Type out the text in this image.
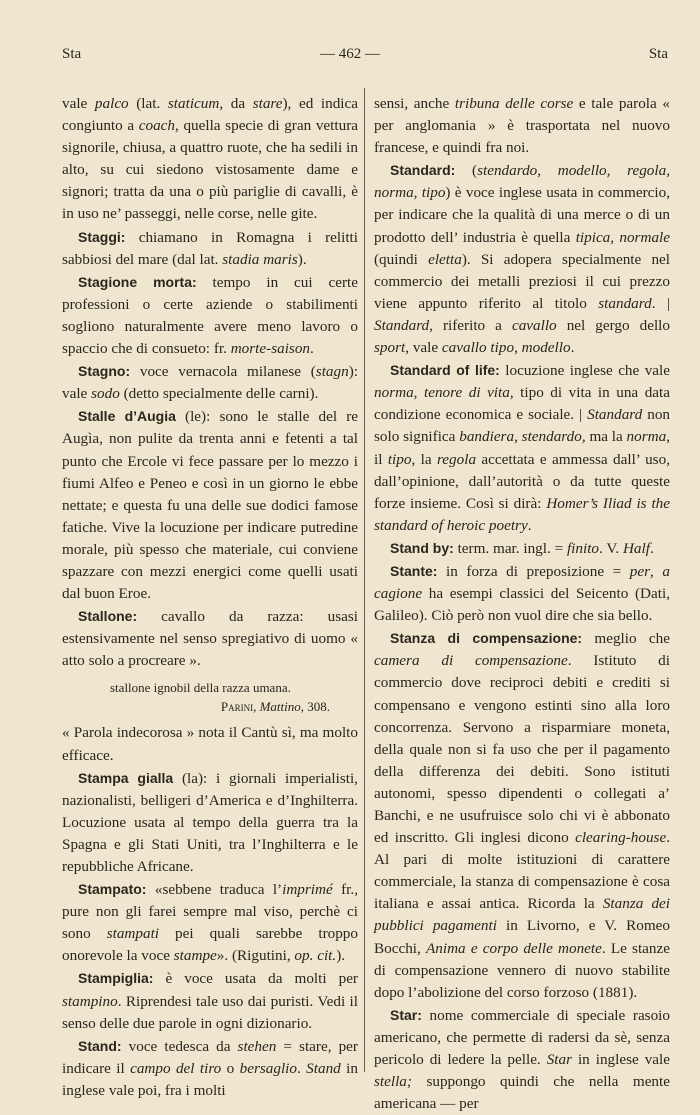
Sta	— 462 —	Sta

vale palco (lat. staticum, da stare), ed indica congiunto a coach, quella specie di gran vettura signorile, chiusa, a quattro ruote, che ha sedili in alto, su cui siedono vistosamente dame e signori; tratta da una o più pariglie di cavalli, è in uso ne’ passeggi, nelle corse, nelle gite.

Staggi: chiamano in Romagna i relitti sabbiosi del mare (dal lat. stadia maris).

Stagione morta: tempo in cui certe professioni o certe aziende o stabilimenti sogliono naturalmente avere meno lavoro o spaccio che di consueto: fr. morte-saison.

Stagno: voce vernacola milanese (stagn): vale sodo (detto specialmente delle carni).

Stalle d’Augia (le): sono le stalle del re Augìa, non pulite da trenta anni e fetenti a tal punto che Ercole vi fece passare per lo mezzo i fiumi Alfeo e Peneo e così in un giorno le ebbe nettate; e questa fu una delle sue dodici famose fatiche. Vive la locuzione per indicare putredine morale, più spesso che materiale, cui conviene spazzare con mezzi energici come quelli usati dal buon Eroe.

Stallone: cavallo da razza: usasi estensivamente nel senso spregiativo di uomo « atto solo a procreare ».

stallone ignobil della razza umana.

Parini, Mattino, 308.

« Parola indecorosa » nota il Cantù sì, ma molto efficace.

Stampa gialla (la): i giornali imperialisti, nazionalisti, belligeri d’America e d’Inghilterra. Locuzione usata al tempo della guerra tra la Spagna e gli Stati Uniti, tra l’Inghilterra e le repubbliche Africane.

Stampato: «sebbene traduca l’imprimé fr., pure non gli farei sempre mal viso, perchè ci sono stampati pei quali sarebbe troppo onorevole la voce stampe». (Rigutini, op. cit.).

Stampiglia: è voce usata da molti per stampino. Riprendesi tale uso dai puristi. Vedi il senso delle due parole in ogni dizionario.

Stand: voce tedesca da stehen = stare, per indicare il campo del tiro o bersaglio. Stand in inglese vale poi, fra i molti

sensi, anche tribuna delle corse e tale parola « per anglomania » è trasportata nel nuovo francese, e quindi fra noi.

Standard: (stendardo, modello, regola, norma, tipo) è voce inglese usata in commercio, per indicare che la qualità di una merce o di un prodotto dell’ industria è quella tipica, normale (quindi eletta). Si adopera specialmente nel commercio dei metalli preziosi il cui prezzo viene appunto riferito al titolo standard. | Standard, riferito a cavallo nel gergo dello sport, vale cavallo tipo, modello.

Standard of life: locuzione inglese che vale norma, tenore di vita, tipo di vita in una data condizione economica e sociale. | Standard non solo significa bandiera, stendardo, ma la norma, il tipo, la regola accettata e ammessa dall’ uso, dall’opinione, dall’autorità o da tutte queste forze insieme. Così si dirà: Homer’s Iliad is the standard of heroic poetry.

Stand by: term. mar. ingl. = finito. V. Half.

Stante: in forza di preposizione = per, a cagione ha esempi classici del Seicento (Dati, Galileo). Ciò però non vuol dire che sia bello.

Stanza di compensazione: meglio che camera di compensazione. Istituto di commercio dove reciproci debiti e crediti si compensano e vengono estinti sino alla loro concorrenza. Servono a risparmiare moneta, della quale non si fa uso che per il pagamento della differenza dei debiti. Sono istituti autonomi, spesso dipendenti o collegati a’ Banchi, e ne usufruisce solo chi vi è abbonato ed inscritto. Gli inglesi dicono clearing-house. Al pari di molte istituzioni di carattere commerciale, la stanza di compensazione è cosa italiana e assai antica. Ricorda la Stanza dei pubblici pagamenti in Livorno, e V. Romeo Bocchi, Anima e corpo delle monete. Le stanze di compensazione vennero di nuovo stabilite dopo l’abolizione del corso forzoso (1881).

Star: nome commerciale di speciale rasoio americano, che permette di radersi da sè, senza pericolo di ledere la pelle. Star in inglese vale stella; suppongo quindi che nella mente americana — per
